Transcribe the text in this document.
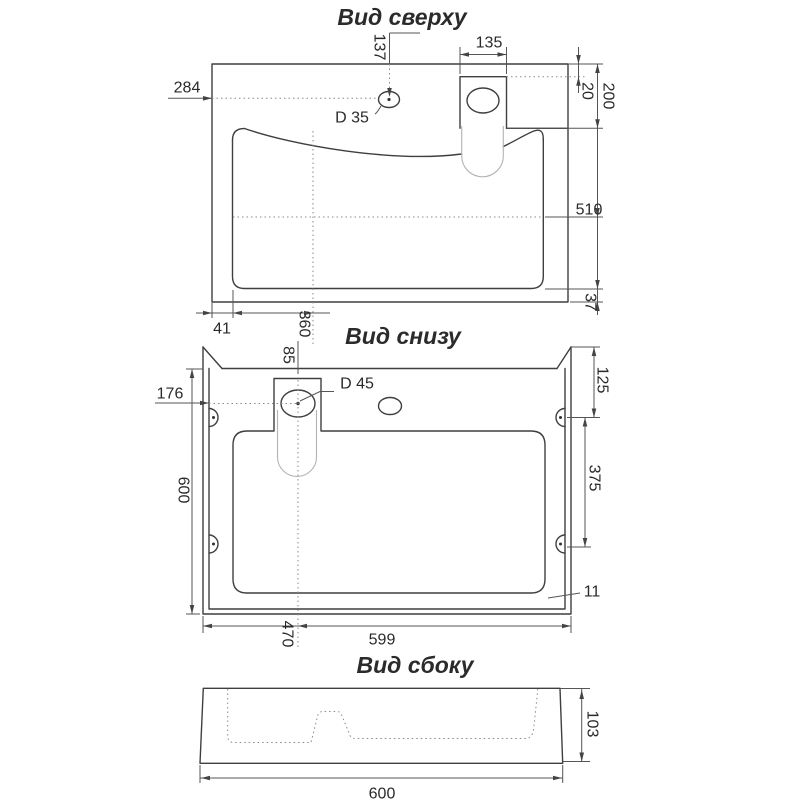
Вид сверху
137	135
284	20 200
D 35
510
37
41	360 Вид снизу
85
176
D 45	125
375
600
11
470	599
Вид сбоку
103
600
